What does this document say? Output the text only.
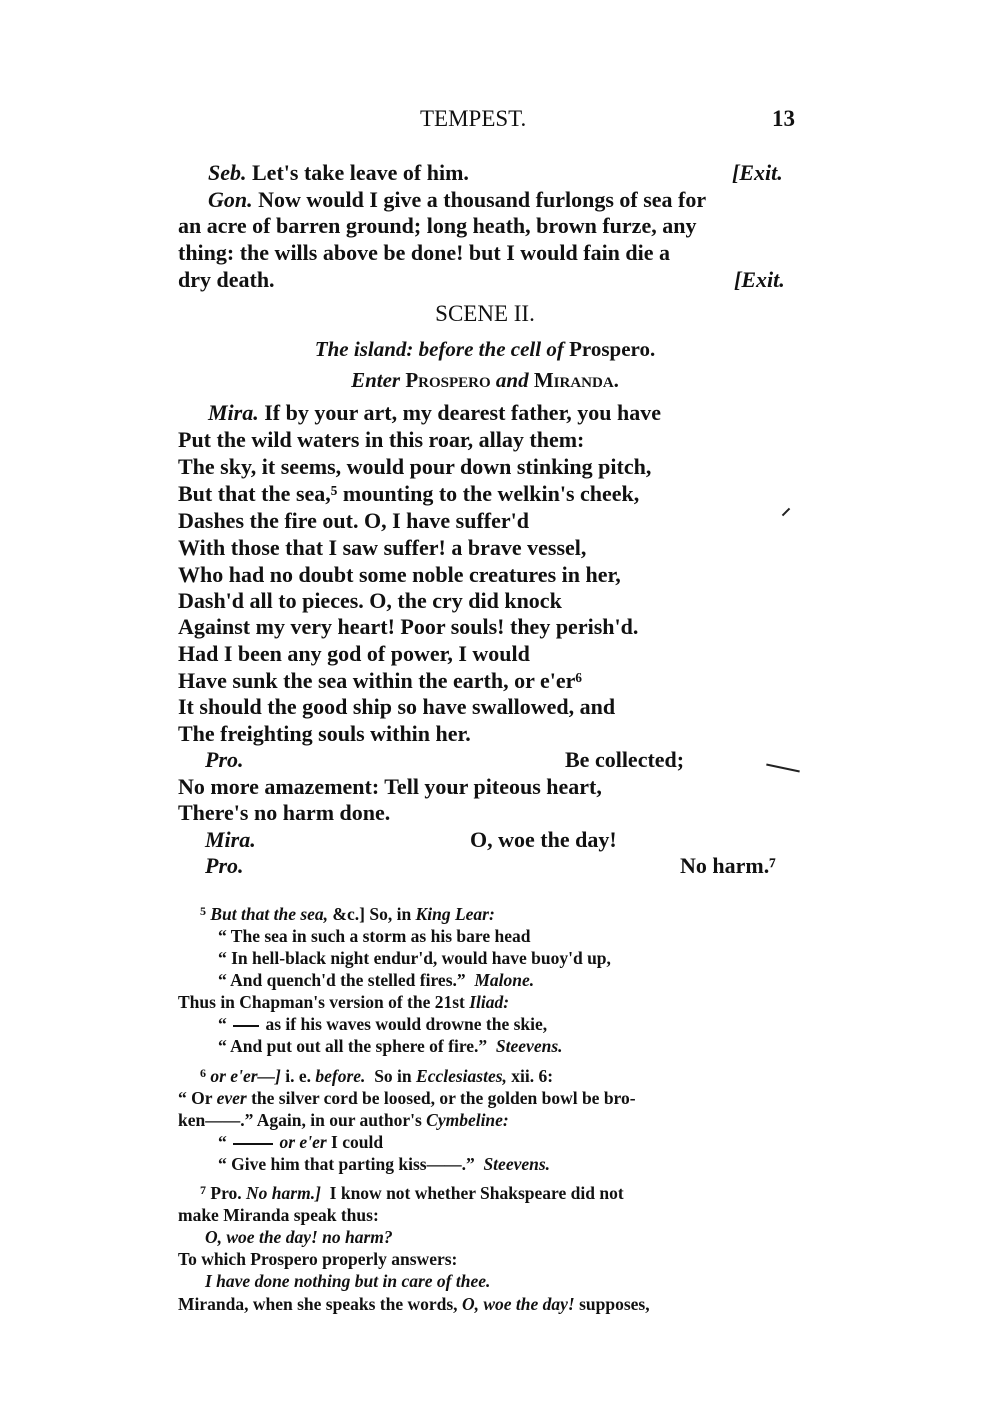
TEMPEST.	13
Seb. Let's take leave of him.	[Exit.
Gon. Now would I give a thousand furlongs of sea for
an acre of barren ground; long heath, brown furze, any
thing: the wills above be done! but I would fain die a
dry death.	[Exit.
SCENE II.
The island: before the cell of Prospero.
Enter Prospero and Miranda.
Mira. If by your art, my dearest father, you have
Put the wild waters in this roar, allay them:
The sky, it seems, would pour down stinking pitch,
But that the sea,⁵ mounting to the welkin's cheek,
Dashes the fire out. O, I have suffer'd
With those that I saw suffer! a brave vessel,
Who had no doubt some noble creatures in her,
Dash'd all to pieces. O, the cry did knock
Against my very heart! Poor souls! they perish'd.
Had I been any god of power, I would
Have sunk the sea within the earth, or e'er⁶
It should the good ship so have swallowed, and
The freighting souls within her.
Pro.	Be collected;
No more amazement: Tell your piteous heart,
There's no harm done.
Mira.	O, woe the day!
Pro.	No harm.⁷
$^5$ But that the sea, &c.] So, in King Lear:
“ The sea in such a storm as his bare head
“ In hell-black night endur'd, would have buoy'd up,
“ And quench'd the stelled fires.” Malone.
Thus in Chapman's version of the 21st Iliad:
“  as if his waves would drowne the skie,
“ And put out all the sphere of fire.” Steevens.
$^6$ or e'er—] i. e. before. So in Ecclesiastes, xii. 6:
“ Or ever the silver cord be loosed, or the golden bowl be bro-
ken——.” Again, in our author's Cymbeline:
“	or e'er I could
“ Give him that parting kiss——.” Steevens.
$^7$ Pro. No harm.] I know not whether Shakspeare did not
make Miranda speak thus:
O, woe the day! no harm?
To which Prospero properly answers:
I have done nothing but in care of thee.
Miranda, when she speaks the words, O, woe the day! supposes,
